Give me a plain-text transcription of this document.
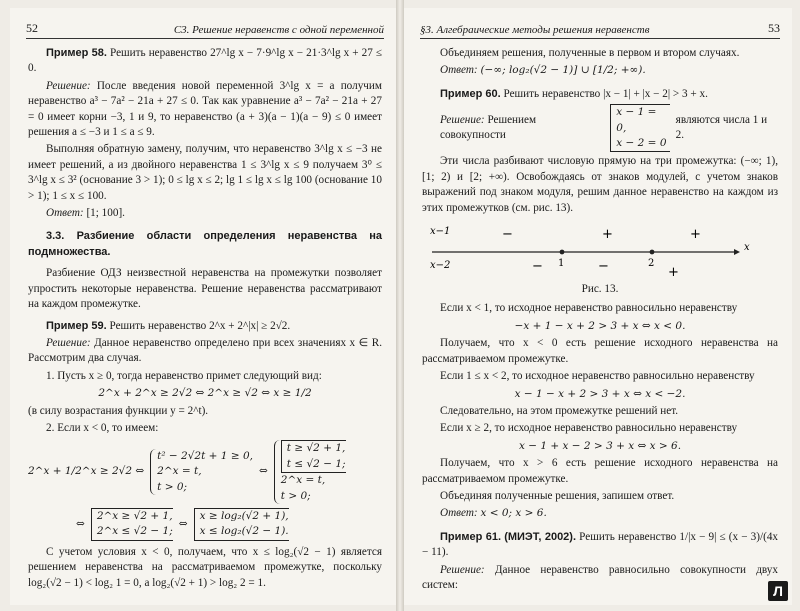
52	C3. Решение неравенств с одной переменной

Пример 58. Решить неравенство 27^lg x − 7·9^lg x − 21·3^lg x + 27 ≤ 0.

Решение: После введения новой переменной 3^lg x = a получим неравенство a³ − 7a² − 21a + 27 ≤ 0. Так как уравнение a³ − 7a² − 21a + 27 = 0 имеет корни −3, 1 и 9, то неравенство (a + 3)(a − 1)(a − 9) ≤ 0 имеет решения a ≤ −3 и 1 ≤ a ≤ 9.

Выполняя обратную замену, получим, что неравенство 3^lg x ≤ −3 не имеет решений, а из двойного неравенства 1 ≤ 3^lg x ≤ 9 получаем 3⁰ ≤ 3^lg x ≤ 3² (основание 3 > 1); 0 ≤ lg x ≤ 2; lg 1 ≤ lg x ≤ lg 100 (основание 10 > 1); 1 ≤ x ≤ 100.

Ответ: [1; 100].

3.3. Разбиение области определения неравенства на подмножества.

Разбиение ОДЗ неизвестной неравенства на промежутки позволяет упростить некоторые неравенства. Решение неравенства рассматривают на каждом промежутке.

Пример 59. Решить неравенство 2^x + 2^|x| ≥ 2√2.

Решение: Данное неравенство определено при всех значениях x ∈ R. Рассмотрим два случая.

1. Пусть x ≥ 0, тогда неравенство примет следующий вид:

2^x + 2^x ≥ 2√2 ⇔ 2^x ≥ √2 ⇔ x ≥ 1/2

(в силу возрастания функции y = 2^t).

2. Если x < 0, то имеем:

2^x + 1/2^x ≥ 2√2 ⇔
t² − 2√2t + 1 ≥ 0,
2^x = t,
t > 0;
⇔
t ≥ √2 + 1,
t ≤ √2 − 1;
2^x = t,
t > 0;
⇔
2^x ≥ √2 + 1,
2^x ≤ √2 − 1;
⇔
x ≥ log₂(√2 + 1),
x ≤ log₂(√2 − 1).

С учетом условия x < 0, получаем, что x ≤ log₂(√2 − 1) является решением неравенства на рассматриваемом промежутке, поскольку log₂(√2 − 1) < log₂ 1 = 0, а log₂(√2 + 1) > log₂ 2 = 1.

§3. Алгебраические методы решения неравенств	53

Объединяем решения, полученные в первом и втором случаях.

Ответ: (−∞; log₂(√2 − 1)] ∪ [1/2; +∞).

Пример 60. Решить неравенство |x − 1| + |x − 2| > 3 + x.

Решение: Решением совокупности
x − 1 = 0,
x − 2 = 0
являются числа 1 и 2.

Эти числа разбивают числовую прямую на три промежутка: (−∞; 1), [1; 2) и [2; +∞). Освобождаясь от знаков модулей, с учетом знаков выражений под знаком модуля, решим данное неравенство на каждом из этих промежутков (см. рис. 13).

x−1
x−2
x
1	2
−	+	+
−	−	+

Рис. 13.

Если x < 1, то исходное неравенство равносильно неравенству

−x + 1 − x + 2 > 3 + x ⇔ x < 0.

Получаем, что x < 0 есть решение исходного неравенства на рассматриваемом промежутке.

Если 1 ≤ x < 2, то исходное неравенство равносильно неравенству

x − 1 − x + 2 > 3 + x ⇔ x < −2.

Следовательно, на этом промежутке решений нет.

Если x ≥ 2, то исходное неравенство равносильно неравенству

x − 1 + x − 2 > 3 + x ⇔ x > 6.

Получаем, что x > 6 есть решение исходного неравенства на рассматриваемом промежутке.

Объединяя полученные решения, запишем ответ.

Ответ: x < 0; x > 6.

Пример 61. (МИЭТ, 2002). Решить неравенство 1/|x − 9| ≤ (x − 3)/(4x − 11).

Решение: Данное неравенство равносильно совокупности двух систем:	Л
